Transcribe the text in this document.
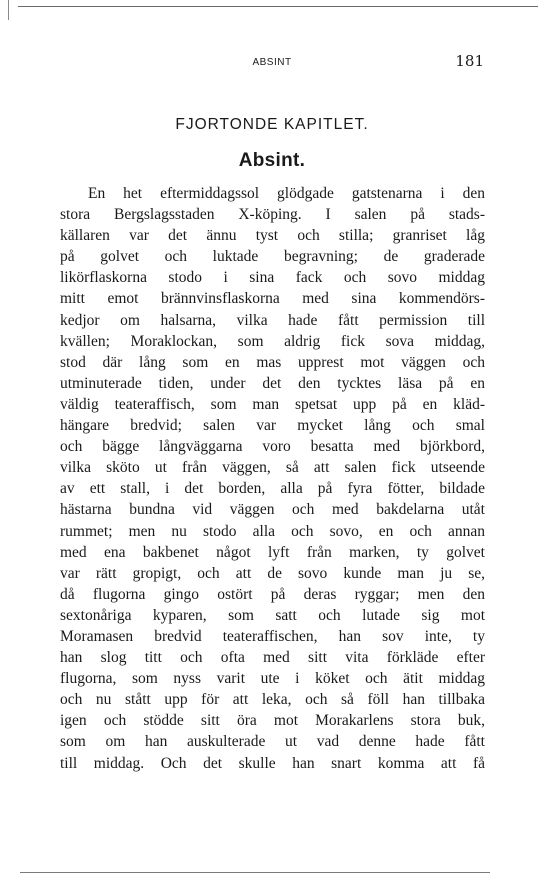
ABSINT	181
FJORTONDE KAPITLET.
Absint.
En het eftermiddagssol glödgade gatstenarna i den
stora Bergslagsstaden X-köping. I salen på stads-
källaren var det ännu tyst och stilla; granriset låg
på golvet och luktade begravning; de graderade
likörflaskorna stodo i sina fack och sovo middag
mitt emot brännvinsflaskorna med sina kommendörs-
kedjor om halsarna, vilka hade fått permission till
kvällen; Moraklockan, som aldrig fick sova middag,
stod där lång som en mas upprest mot väggen och
utminuterade tiden, under det den tycktes läsa på en
väldig teateraffisch, som man spetsat upp på en kläd-
hängare bredvid; salen var mycket lång och smal
och bägge långväggarna voro besatta med björkbord,
vilka sköto ut från väggen, så att salen fick utseende
av ett stall, i det borden, alla på fyra fötter, bildade
hästarna bundna vid väggen och med bakdelarna utåt
rummet; men nu stodo alla och sovo, en och annan
med ena bakbenet något lyft från marken, ty golvet
var rätt gropigt, och att de sovo kunde man ju se,
då flugorna gingo ostört på deras ryggar; men den
sextonåriga kyparen, som satt och lutade sig mot
Moramasen bredvid teateraffischen, han sov inte, ty
han slog titt och ofta med sitt vita förkläde efter
flugorna, som nyss varit ute i köket och ätit middag
och nu stått upp för att leka, och så föll han tillbaka
igen och stödde sitt öra mot Morakarlens stora buk,
som om han auskulterade ut vad denne hade fått
till middag. Och det skulle han snart komma att få
